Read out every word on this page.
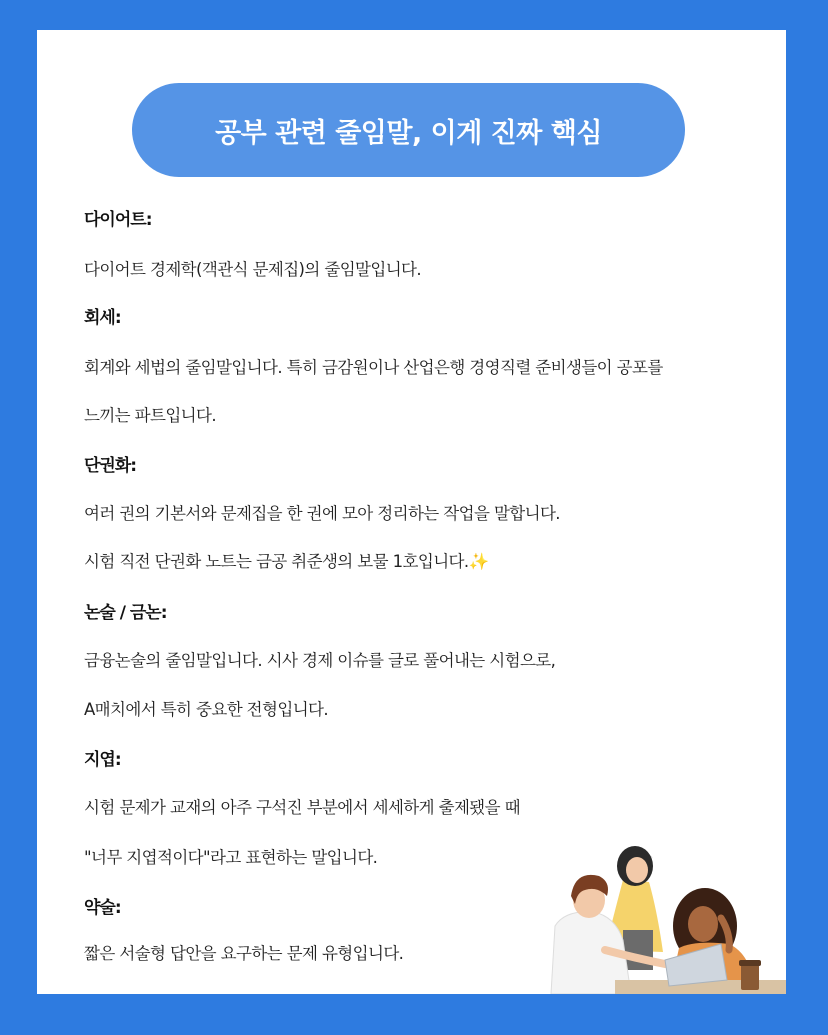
공부 관련 줄임말, 이게 진짜 핵심
다이어트:
다이어트 경제학(객관식 문제집)의 줄임말입니다.
회세:
회계와 세법의 줄임말입니다. 특히 금감원이나 산업은행 경영직렬 준비생들이 공포를
느끼는 파트입니다.
단권화:
여러 권의 기본서와 문제집을 한 권에 모아 정리하는 작업을 말합니다.
시험 직전 단권화 노트는 금공 취준생의 보물 1호입니다.✨
논술 / 금논:
금융논술의 줄임말입니다. 시사 경제 이슈를 글로 풀어내는 시험으로,
A매치에서 특히 중요한 전형입니다.
지엽:
시험 문제가 교재의 아주 구석진 부분에서 세세하게 출제됐을 때
"너무 지엽적이다"라고 표현하는 말입니다.
약술:
짧은 서술형 답안을 요구하는 문제 유형입니다.
